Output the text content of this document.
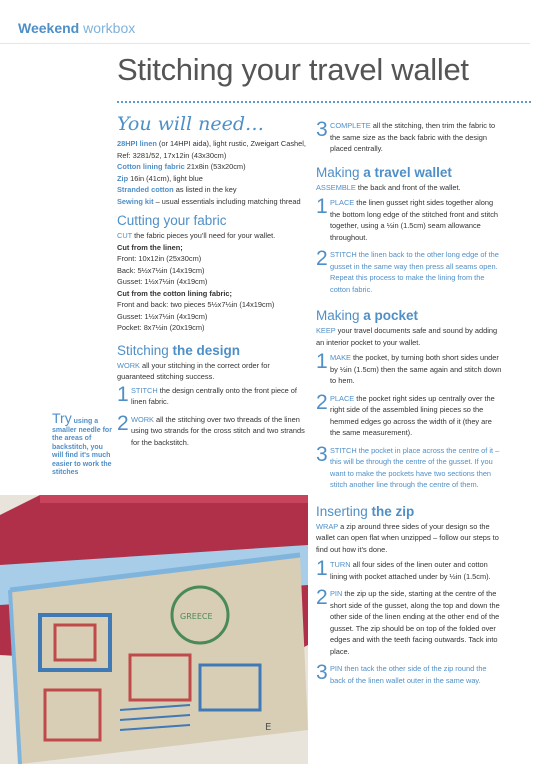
Weekend workbox
Stitching your travel wallet
You will need…

28HPI linen (or 14HPI aida), light rustic, Zweigart Cashel, Ref: 3281/52, 17x12in (43x30cm)

Cotton lining fabric 21x8in (53x20cm)

Zip 16in (41cm), light blue

Stranded cotton as listed in the key

Sewing kit – usual essentials including matching thread

Cutting your fabric

CUT the fabric pieces you'll need for your wallet.

Cut from the linen;

Front: 10x12in (25x30cm)

Back: 5½x7½in (14x19cm)

Gusset: 1½x7½in (4x19cm)

Cut from the cotton lining fabric;

Front and back: two pieces 5½x7½in (14x19cm)

Gusset: 1½x7½in (4x19cm)

Pocket: 8x7½in (20x19cm)

Stitching the design

WORK all your stitching in the correct order for guaranteed stitching success.

1 STITCH the design centrally onto the front piece of linen fabric.
2 WORK all the stitching over two threads of the linen using two strands for the cross stitch and two strands for the backstitch.
Try using a smaller needle for the areas of backstitch, you will find it's much easier to work the stitches
3 COMPLETE all the stitching, then trim the fabric to the same size as the back fabric with the design placed centrally.
Making a travel wallet

ASSEMBLE the back and front of the wallet.

1 PLACE the linen gusset right sides together along the bottom long edge of the stitched front and stitch together, using a ½in (1.5cm) seam allowance throughout.
2 STITCH the linen back to the other long edge of the gusset in the same way then press all seams open. Repeat this process to make the lining from the cotton fabric.
Making a pocket

KEEP your travel documents safe and sound by adding an interior pocket to your wallet.

1 MAKE the pocket, by turning both short sides under by ½in (1.5cm) then the same again and stitch down to hem.
2 PLACE the pocket right sides up centrally over the right side of the assembled lining pieces so the hemmed edges go across the width of it (they are the same measurement).
3 STITCH the pocket in place across the centre of it – this will be through the centre of the gusset. If you want to make the pockets have two sections then stitch another line through the centre of them.
Inserting the zip

WRAP a zip around three sides of your design so the wallet can open flat when unzipped – follow our steps to find out how it's done.

1 TURN all four sides of the linen outer and cotton lining with pocket attached under by ½in (1.5cm).
2 PIN the zip up the side, starting at the centre of the short side of the gusset, along the top and down the other side of the linen ending at the other end of the gusset. The zip should be on top of the folded over edges and with the teeth facing outwards. Tack into place.
3 PIN then tack the other side of the zip round the back of the linen wallet outer in the same way.
GREECE
E
